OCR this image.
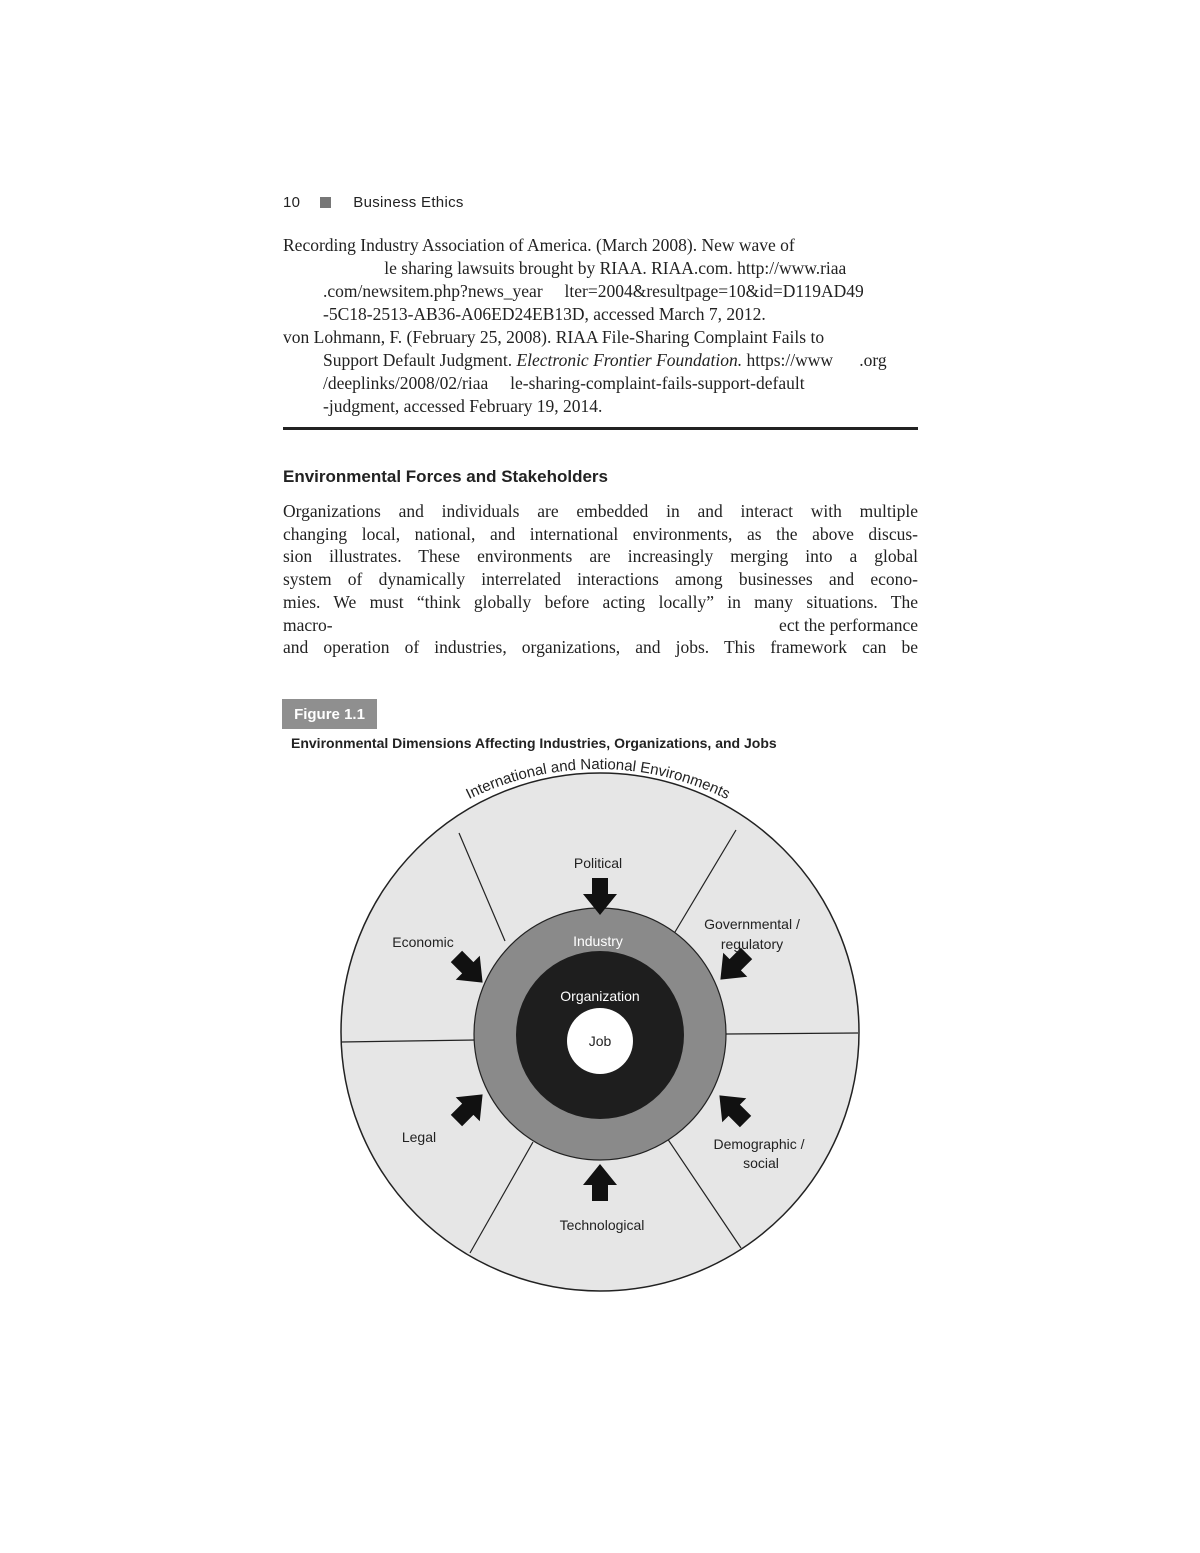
10	Business Ethics

Recording Industry Association of America. (March 2008). New wave of
le sharing lawsuits brought by RIAA. RIAA.com. http://www.riaa
.com/newsitem.php?news_year     lter=2004&resultpage=10&id=D119AD49
-5C18-2513-AB36-A06ED24EB13D, accessed March 7, 2012.

von Lohmann, F. (February 25, 2008). RIAA File-Sharing Complaint Fails to
Support Default Judgment. Electronic Frontier Foundation. https://www      .org
/deeplinks/2008/02/riaa     le-sharing-complaint-fails-support-default
-judgment, accessed February 19, 2014.

Environmental Forces and Stakeholders
Organizations and individuals are embedded in and interact with multiple
changing local, national, and international environments, as the above discus-
sion illustrates. These environments are increasingly merging into a global
system of dynamically interrelated interactions among businesses and econo-
mies. We must “think globally before acting locally” in many situations. The
macro-	ect the performance
and operation of industries, organizations, and jobs. This framework can be
Figure 1.1
Environmental Dimensions Affecting Industries, Organizations, and Jobs
International and National Environments
Political
Governmental /
regulatory
Economic
Legal	Demographic /
social
Technological
Industry
Organization
Job
